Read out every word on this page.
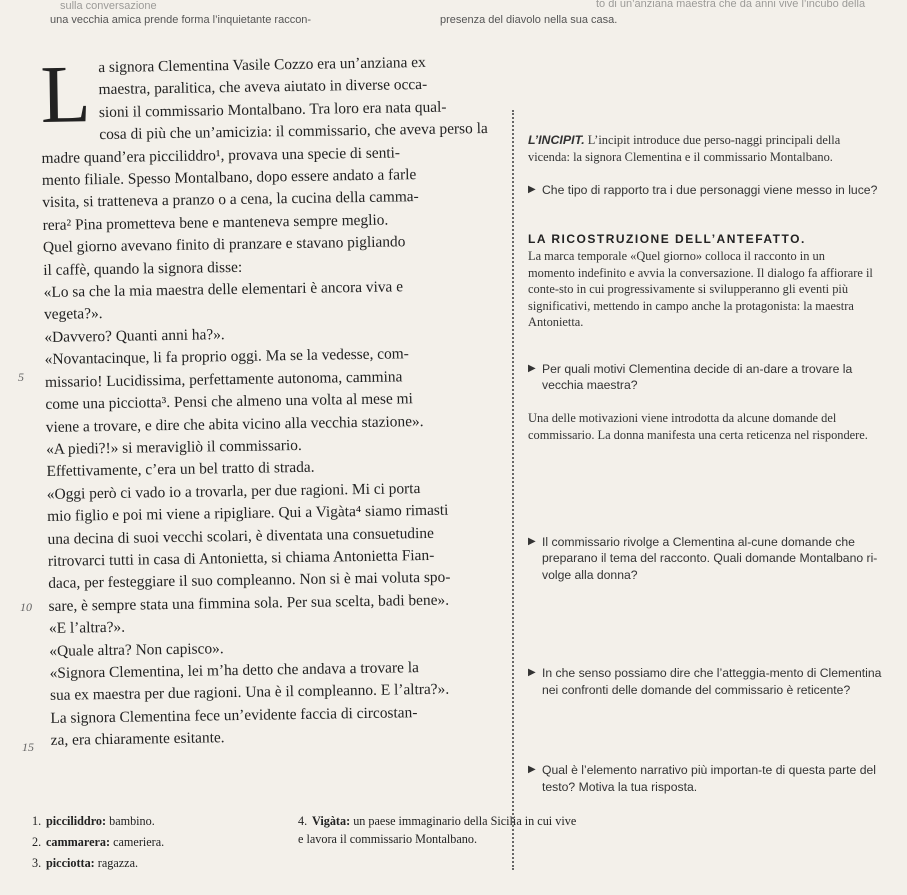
sulla conversazione
una vecchia amica prende forma l’inquietante raccon-
to di un’anziana maestra che da anni vive l’incubo della
presenza del diavolo nella sua casa.
L a signora Clementina Vasile Cozzo era un’anziana ex
maestra, paralitica, che aveva aiutato in diverse occa-
sioni il commissario Montalbano. Tra loro era nata qual-
cosa di più che un’amicizia: il commissario, che aveva perso la
madre quand’era picciliddro¹, provava una specie di senti-
mento filiale. Spesso Montalbano, dopo essere andato a farle
visita, si tratteneva a pranzo o a cena, la cucina della camma-
rera² Pina prometteva bene e manteneva sempre meglio.
Quel giorno avevano finito di pranzare e stavano pigliando
il caffè, quando la signora disse:
«Lo sa che la mia maestra delle elementari è ancora viva e
vegeta?».
«Davvero? Quanti anni ha?».
«Novantacinque, li fa proprio oggi. Ma se la vedesse, com-
missario! Lucidissima, perfettamente autonoma, cammina
come una picciotta³. Pensi che almeno una volta al mese mi
viene a trovare, e dire che abita vicino alla vecchia stazione».
«A piedi?!» si meravigliò il commissario.
Effettivamente, c’era un bel tratto di strada.
«Oggi però ci vado io a trovarla, per due ragioni. Mi ci porta
mio figlio e poi mi viene a ripigliare. Qui a Vigàta⁴ siamo rimasti
una decina di suoi vecchi scolari, è diventata una consuetudine
ritrovarci tutti in casa di Antonietta, si chiama Antonietta Fian-
daca, per festeggiare il suo compleanno. Non si è mai voluta spo-
sare, è sempre stata una fimmina sola. Per sua scelta, badi bene».
«E l’altra?».
«Quale altra? Non capisco».
«Signora Clementina, lei m’ha detto che andava a trovare la
sua ex maestra per due ragioni. Una è il compleanno. E l’altra?».
La signora Clementina fece un’evidente faccia di circostan-
za, era chiaramente esitante.
L’INCIPIT. L’incipit introduce due perso-naggi principali della vicenda: la signora Clementina e il commissario Montalbano.
▶ Che tipo di rapporto tra i due personaggi viene messo in luce?
LA RICOSTRUZIONE DELL’ANTEFATTO.
La marca temporale «Quel giorno» colloca il racconto in un momento indefinito e avvia la conversazione. Il dialogo fa affiorare il conte-sto in cui progressivamente si svilupperanno gli eventi più significativi, mettendo in campo anche la protagonista: la maestra Antonietta.
▶ Per quali motivi Clementina decide di an-dare a trovare la vecchia maestra?
Una delle motivazioni viene introdotta da alcune domande del commissario. La donna manifesta una certa reticenza nel rispondere.
▶ Il commissario rivolge a Clementina al-cune domande che preparano il tema del racconto. Quali domande Montalbano ri-volge alla donna?
▶ In che senso possiamo dire che l’atteggia-mento di Clementina nei confronti delle domande del commissario è reticente?
▶ Qual è l’elemento narrativo più importan-te di questa parte del testo? Motiva la tua risposta.

1. picciliddro: bambino.

2. cammarera: cameriera.

3. picciotta: ragazza.

4. Vigàta: un paese immaginario della Sicilia in cui vive e lavora il commissario Montalbano.

5
10
15
